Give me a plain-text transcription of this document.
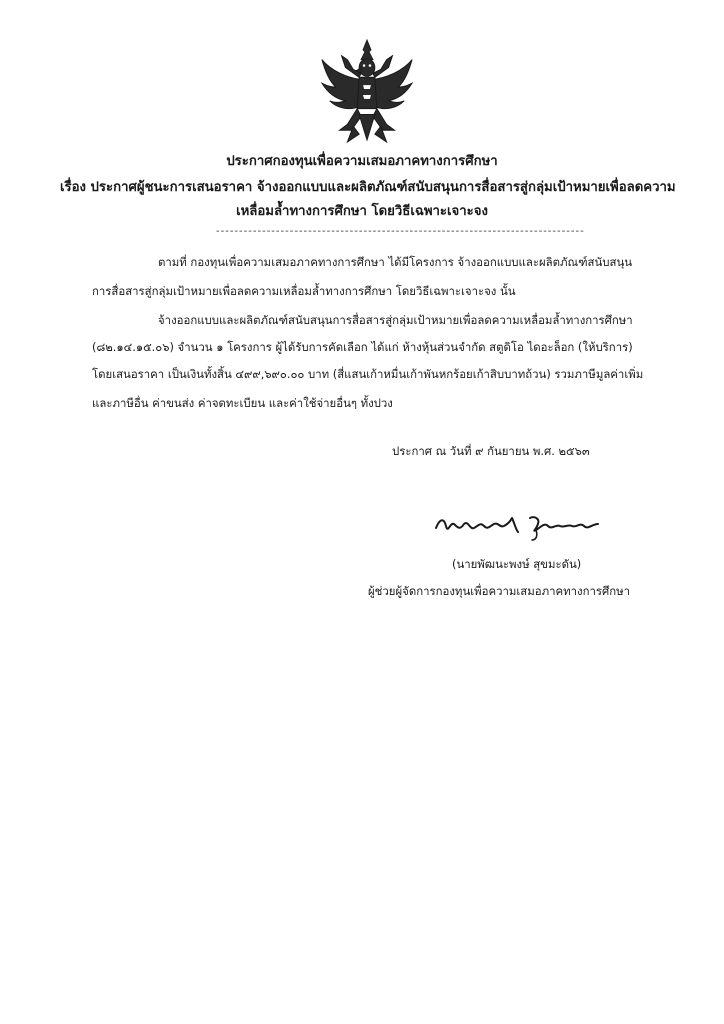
ประกาศกองทุนเพื่อความเสมอภาคทางการศึกษา
เรื่อง ประกาศผู้ชนะการเสนอราคา จ้างออกแบบและผลิตภัณฑ์สนับสนุนการสื่อสารสู่กลุ่มเป้าหมายเพื่อลดความ
เหลื่อมล้ำทางการศึกษา โดยวิธีเฉพาะเจาะจง
--------------------------------------------------------------------------------
ตามที่ กองทุนเพื่อความเสมอภาคทางการศึกษา ได้มีโครงการ จ้างออกแบบและผลิตภัณฑ์สนับสนุน
การสื่อสารสู่กลุ่มเป้าหมายเพื่อลดความเหลื่อมล้ำทางการศึกษา โดยวิธีเฉพาะเจาะจง นั้น
จ้างออกแบบและผลิตภัณฑ์สนับสนุนการสื่อสารสู่กลุ่มเป้าหมายเพื่อลดความเหลื่อมล้ำทางการศึกษา
(๘๒.๑๔.๑๕.๐๖) จำนวน ๑ โครงการ ผู้ได้รับการคัดเลือก ได้แก่ ห้างหุ้นส่วนจำกัด สตูดิโอ ไดอะล็อก (ให้บริการ)
โดยเสนอราคา เป็นเงินทั้งสิ้น ๔๙๙,๖๙๐.๐๐ บาท (สี่แสนเก้าหมื่นเก้าพันหกร้อยเก้าสิบบาทถ้วน) รวมภาษีมูลค่าเพิ่ม
และภาษีอื่น ค่าขนส่ง ค่าจดทะเบียน และค่าใช้จ่ายอื่นๆ ทั้งปวง
ประกาศ ณ วันที่ ๙ กันยายน พ.ศ. ๒๕๖๓
(นายพัฒนะพงษ์ สุขมะดัน)
ผู้ช่วยผู้จัดการกองทุนเพื่อความเสมอภาคทางการศึกษา
